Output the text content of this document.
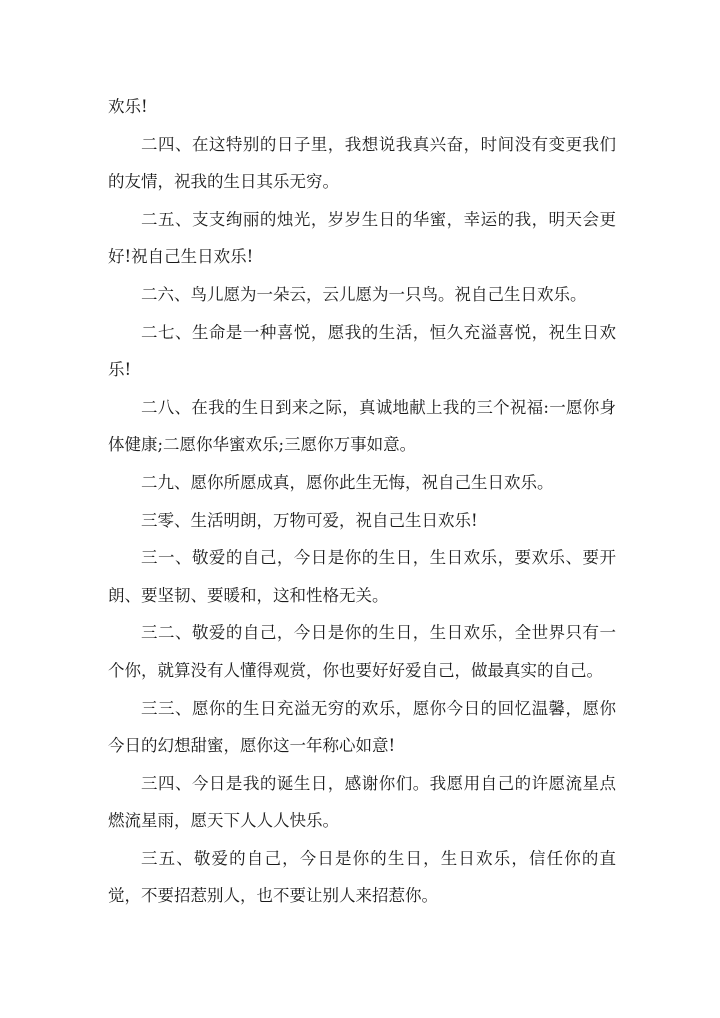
欢乐!

二四、在这特别的日子里，我想说我真兴奋，时间没有变更我们的友情，祝我的生日其乐无穷。

二五、支支绚丽的烛光，岁岁生日的华蜜，幸运的我，明天会更好!祝自己生日欢乐!

二六、鸟儿愿为一朵云，云儿愿为一只鸟。祝自己生日欢乐。

二七、生命是一种喜悦，愿我的生活，恒久充溢喜悦，祝生日欢乐!

二八、在我的生日到来之际，真诚地献上我的三个祝福:一愿你身体健康;二愿你华蜜欢乐;三愿你万事如意。

二九、愿你所愿成真，愿你此生无悔，祝自己生日欢乐。

三零、生活明朗，万物可爱，祝自己生日欢乐!

三一、敬爱的自己，今日是你的生日，生日欢乐，要欢乐、要开朗、要坚韧、要暖和，这和性格无关。

三二、敬爱的自己，今日是你的生日，生日欢乐，全世界只有一个你，就算没有人懂得观赏，你也要好好爱自己，做最真实的自己。

三三、愿你的生日充溢无穷的欢乐，愿你今日的回忆温馨，愿你今日的幻想甜蜜，愿你这一年称心如意!

三四、今日是我的诞生日，感谢你们。我愿用自己的许愿流星点燃流星雨，愿天下人人人快乐。

三五、敬爱的自己，今日是你的生日，生日欢乐，信任你的直觉，不要招惹别人，也不要让别人来招惹你。
